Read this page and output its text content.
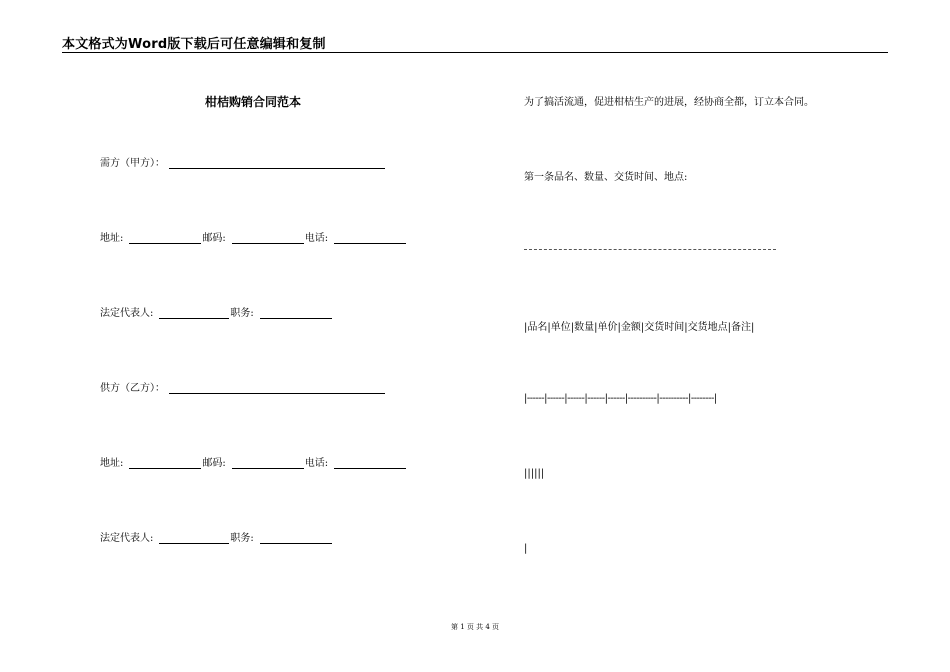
本文格式为Word版下载后可任意编辑和复制
柑桔购销合同范本
需方（甲方）：
地址:	邮码:	电话:
法定代表人:	职务:
供方（乙方）：
地址:	邮码:	电话:
法定代表人:	职务:
为了搞活流通，促进柑桔生产的进展，经协商全都，订立本合同。
第一条品名、数量、交货时间、地点:
|品名|单位|数量|单价|金额|交货时间|交货地点|备注|
|------|------|------|------|------|----------|----------|--------|
||||||
|
第 1 页 共 4 页
